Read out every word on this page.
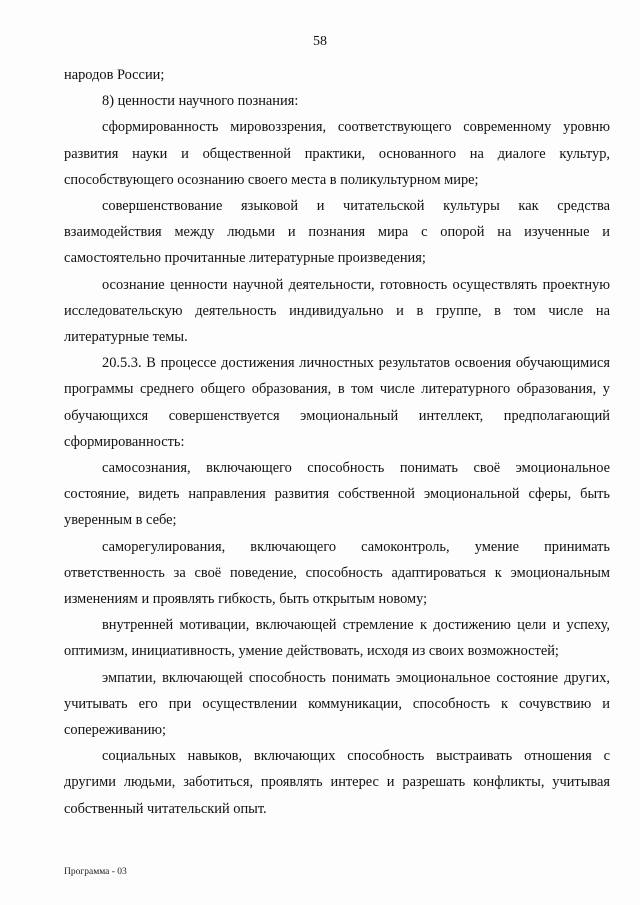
58

народов России;

8) ценности научного познания:

сформированность мировоззрения, соответствующего современному уровню развития науки и общественной практики, основанного на диалоге культур, способствующего осознанию своего места в поликультурном мире;

совершенствование языковой и читательской культуры как средства взаимодействия между людьми и познания мира с опорой на изученные и самостоятельно прочитанные литературные произведения;

осознание ценности научной деятельности, готовность осуществлять проектную исследовательскую деятельность индивидуально и в группе, в том числе на литературные темы.

20.5.3. В процессе достижения личностных результатов освоения обучающимися программы среднего общего образования, в том числе литературного образования, у обучающихся совершенствуется эмоциональный интеллект, предполагающий сформированность:

самосознания, включающего способность понимать своё эмоциональное состояние, видеть направления развития собственной эмоциональной сферы, быть уверенным в себе;

саморегулирования, включающего самоконтроль, умение принимать ответственность за своё поведение, способность адаптироваться к эмоциональным изменениям и проявлять гибкость, быть открытым новому;

внутренней мотивации, включающей стремление к достижению цели и успеху, оптимизм, инициативность, умение действовать, исходя из своих возможностей;

эмпатии, включающей способность понимать эмоциональное состояние других, учитывать его при осуществлении коммуникации, способность к сочувствию и сопереживанию;

социальных навыков, включающих способность выстраивать отношения с другими людьми, заботиться, проявлять интерес и разрешать конфликты, учитывая собственный читательский опыт.

Программа - 03
